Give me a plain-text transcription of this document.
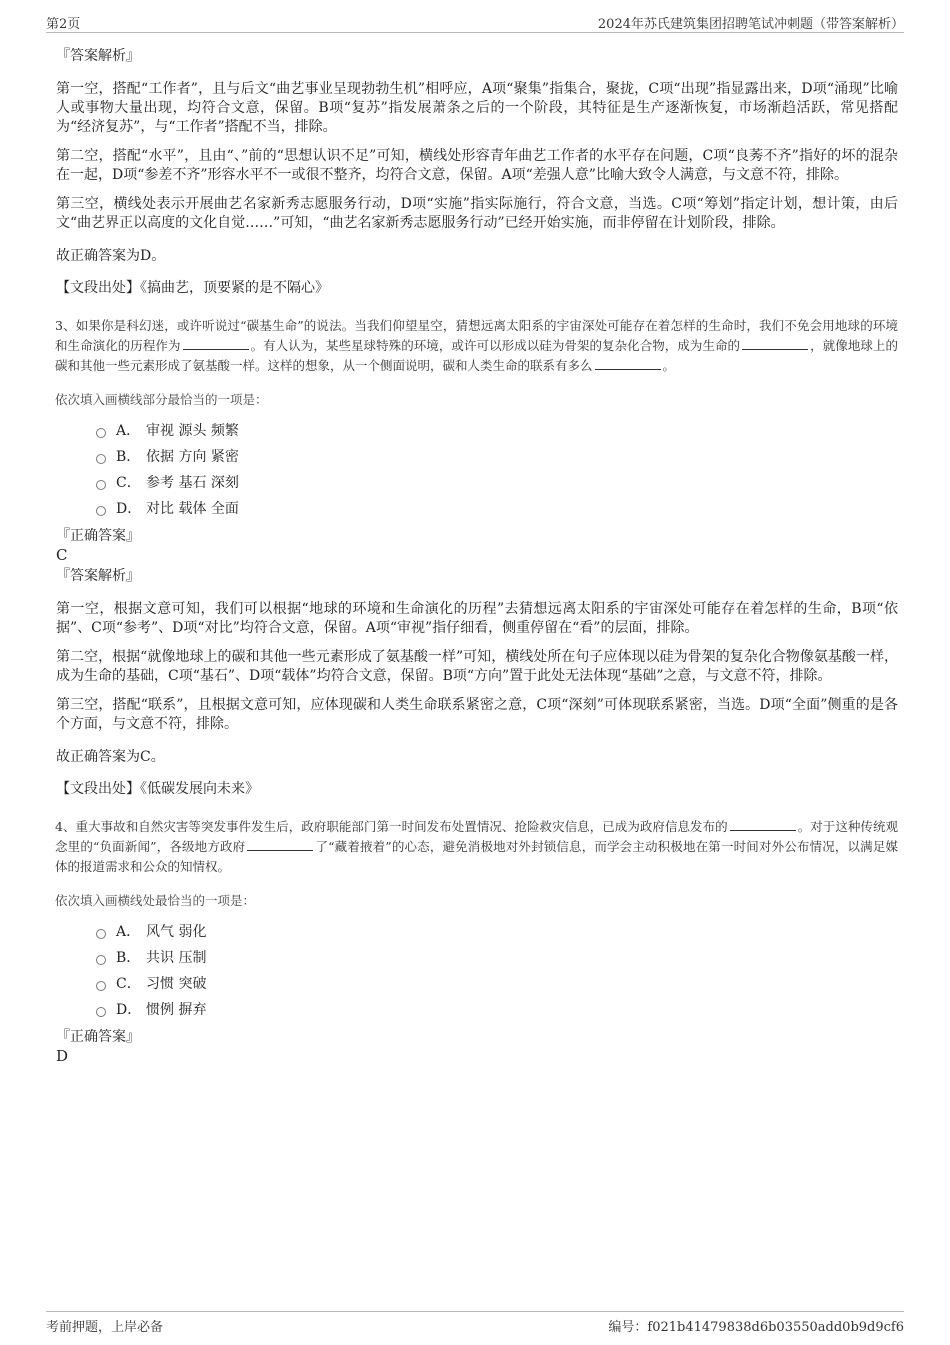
第2页	2024年苏氏建筑集团招聘笔试冲刺题（带答案解析）

『答案解析』

第一空，搭配“工作者”，且与后文“曲艺事业呈现勃勃生机”相呼应，A项“聚集”指集合，聚拢，C项“出现”指显露出来，D项“涌现”比喻人或事物大量出现，均符合文意，保留。B项“复苏”指发展萧条之后的一个阶段，其特征是生产逐渐恢复，市场渐趋活跃，常见搭配为“经济复苏”，与“工作者”搭配不当，排除。

第二空，搭配“水平”，且由“、”前的“思想认识不足”可知，横线处形容青年曲艺工作者的水平存在问题，C项“良莠不齐”指好的坏的混杂在一起，D项“参差不齐”形容水平不一或很不整齐，均符合文意，保留。A项“差强人意”比喻大致令人满意，与文意不符，排除。

第三空，横线处表示开展曲艺名家新秀志愿服务行动，D项“实施”指实际施行，符合文意，当选。C项“筹划”指定计划，想计策，由后文“曲艺界正以高度的文化自觉……”可知，“曲艺名家新秀志愿服务行动”已经开始实施，而非停留在计划阶段，排除。

故正确答案为D。

【文段出处】《搞曲艺，顶要紧的是不隔心》

3、如果你是科幻迷，或许听说过“碳基生命”的说法。当我们仰望星空，猜想远离太阳系的宇宙深处可能存在着怎样的生命时，我们不免会用地球的环境和生命演化的历程作为	。有人认为，某些星球特殊的环境，或许可以形成以硅为骨架的复杂化合物，成为生命的	，就像地球上的碳和其他一些元素形成了氨基酸一样。这样的想象，从一个侧面说明，碳和人类生命的联系有多么	。

依次填入画横线部分最恰当的一项是：

A． 审视 源头 频繁
B． 依据 方向 紧密
C． 参考 基石 深刻
D． 对比 载体 全面

『正确答案』

C

『答案解析』

第一空，根据文意可知，我们可以根据“地球的环境和生命演化的历程”去猜想远离太阳系的宇宙深处可能存在着怎样的生命，B项“依据”、C项“参考”、D项“对比”均符合文意，保留。A项“审视”指仔细看，侧重停留在“看”的层面，排除。

第二空，根据“就像地球上的碳和其他一些元素形成了氨基酸一样”可知，横线处所在句子应体现以硅为骨架的复杂化合物像氨基酸一样，成为生命的基础，C项“基石”、D项“载体”均符合文意，保留。B项“方向”置于此处无法体现“基础”之意，与文意不符，排除。

第三空，搭配“联系”，且根据文意可知，应体现碳和人类生命联系紧密之意，C项“深刻”可体现联系紧密，当选。D项“全面”侧重的是各个方面，与文意不符，排除。

故正确答案为C。

【文段出处】《低碳发展向未来》

4、重大事故和自然灾害等突发事件发生后，政府职能部门第一时间发布处置情况、抢险救灾信息，已成为政府信息发布的	。对于这种传统观念里的“负面新闻”，各级地方政府	了“藏着掖着”的心态，避免消极地对外封锁信息，而学会主动积极地在第一时间对外公布情况，以满足媒体的报道需求和公众的知情权。

依次填入画横线处最恰当的一项是：

A． 风气 弱化
B． 共识 压制
C． 习惯 突破
D． 惯例 摒弃

『正确答案』

D

考前押题，上岸必备	编号：f021b41479838d6b03550add0b9d9cf6
